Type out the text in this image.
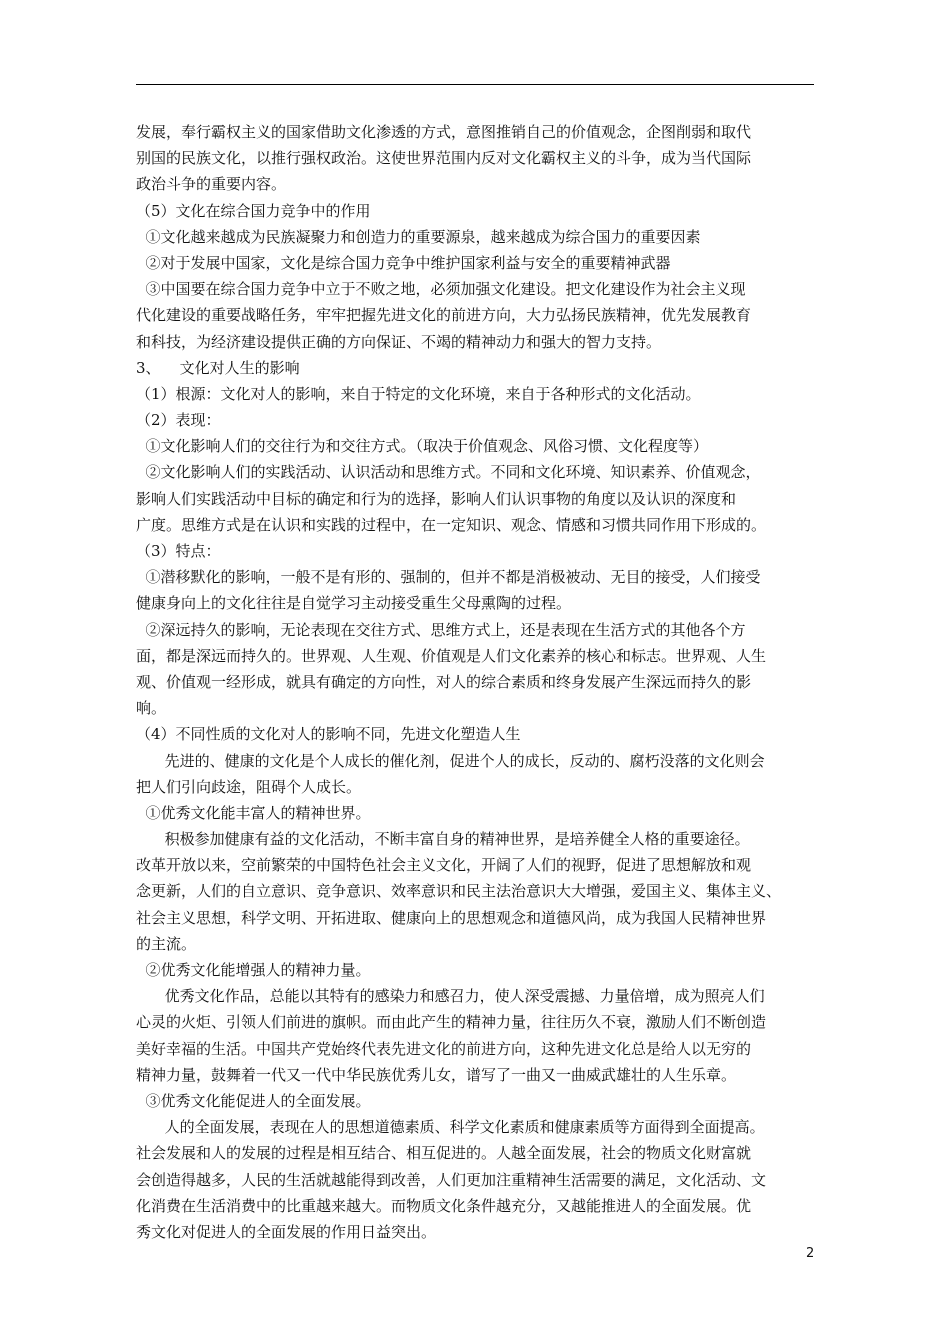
发展，奉行霸权主义的国家借助文化渗透的方式，意图推销自己的价值观念，企图削弱和取代
别国的民族文化，以推行强权政治。这使世界范围内反对文化霸权主义的斗争，成为当代国际
政治斗争的重要内容。
（5）文化在综合国力竞争中的作用
①文化越来越成为民族凝聚力和创造力的重要源泉，越来越成为综合国力的重要因素
②对于发展中国家，文化是综合国力竞争中维护国家利益与安全的重要精神武器
③中国要在综合国力竞争中立于不败之地，必须加强文化建设。把文化建设作为社会主义现
代化建设的重要战略任务，牢牢把握先进文化的前进方向，大力弘扬民族精神，优先发展教育
和科技，为经济建设提供正确的方向保证、不竭的精神动力和强大的智力支持。
3、    文化对人生的影响
（1）根源：文化对人的影响，来自于特定的文化环境，来自于各种形式的文化活动。
（2）表现：
①文化影响人们的交往行为和交往方式。（取决于价值观念、风俗习惯、文化程度等）
②文化影响人们的实践活动、认识活动和思维方式。不同和文化环境、知识素养、价值观念，
影响人们实践活动中目标的确定和行为的选择，影响人们认识事物的角度以及认识的深度和
广度。思维方式是在认识和实践的过程中，在一定知识、观念、情感和习惯共同作用下形成的。
（3）特点：
①潜移默化的影响，一般不是有形的、强制的，但并不都是消极被动、无目的接受，人们接受
健康身向上的文化往往是自觉学习主动接受重生父母熏陶的过程。
②深远持久的影响，无论表现在交往方式、思维方式上，还是表现在生活方式的其他各个方
面，都是深远而持久的。世界观、人生观、价值观是人们文化素养的核心和标志。世界观、人生
观、价值观一经形成，就具有确定的方向性，对人的综合素质和终身发展产生深远而持久的影
响。
（4）不同性质的文化对人的影响不同，先进文化塑造人生
先进的、健康的文化是个人成长的催化剂，促进个人的成长，反动的、腐朽没落的文化则会
把人们引向歧途，阻碍个人成长。
①优秀文化能丰富人的精神世界。
积极参加健康有益的文化活动，不断丰富自身的精神世界，是培养健全人格的重要途径。
改革开放以来，空前繁荣的中国特色社会主义文化，开阔了人们的视野，促进了思想解放和观
念更新，人们的自立意识、竞争意识、效率意识和民主法治意识大大增强，爱国主义、集体主义、
社会主义思想，科学文明、开拓进取、健康向上的思想观念和道德风尚，成为我国人民精神世界
的主流。
②优秀文化能增强人的精神力量。
优秀文化作品，总能以其特有的感染力和感召力，使人深受震撼、力量倍增，成为照亮人们
心灵的火炬、引领人们前进的旗帜。而由此产生的精神力量，往往历久不衰，激励人们不断创造
美好幸福的生活。中国共产党始终代表先进文化的前进方向，这种先进文化总是给人以无穷的
精神力量，鼓舞着一代又一代中华民族优秀儿女，谱写了一曲又一曲威武雄壮的人生乐章。
③优秀文化能促进人的全面发展。
人的全面发展，表现在人的思想道德素质、科学文化素质和健康素质等方面得到全面提高。
社会发展和人的发展的过程是相互结合、相互促进的。人越全面发展，社会的物质文化财富就
会创造得越多，人民的生活就越能得到改善，人们更加注重精神生活需要的满足，文化活动、文
化消费在生活消费中的比重越来越大。而物质文化条件越充分，又越能推进人的全面发展。优
秀文化对促进人的全面发展的作用日益突出。
2
